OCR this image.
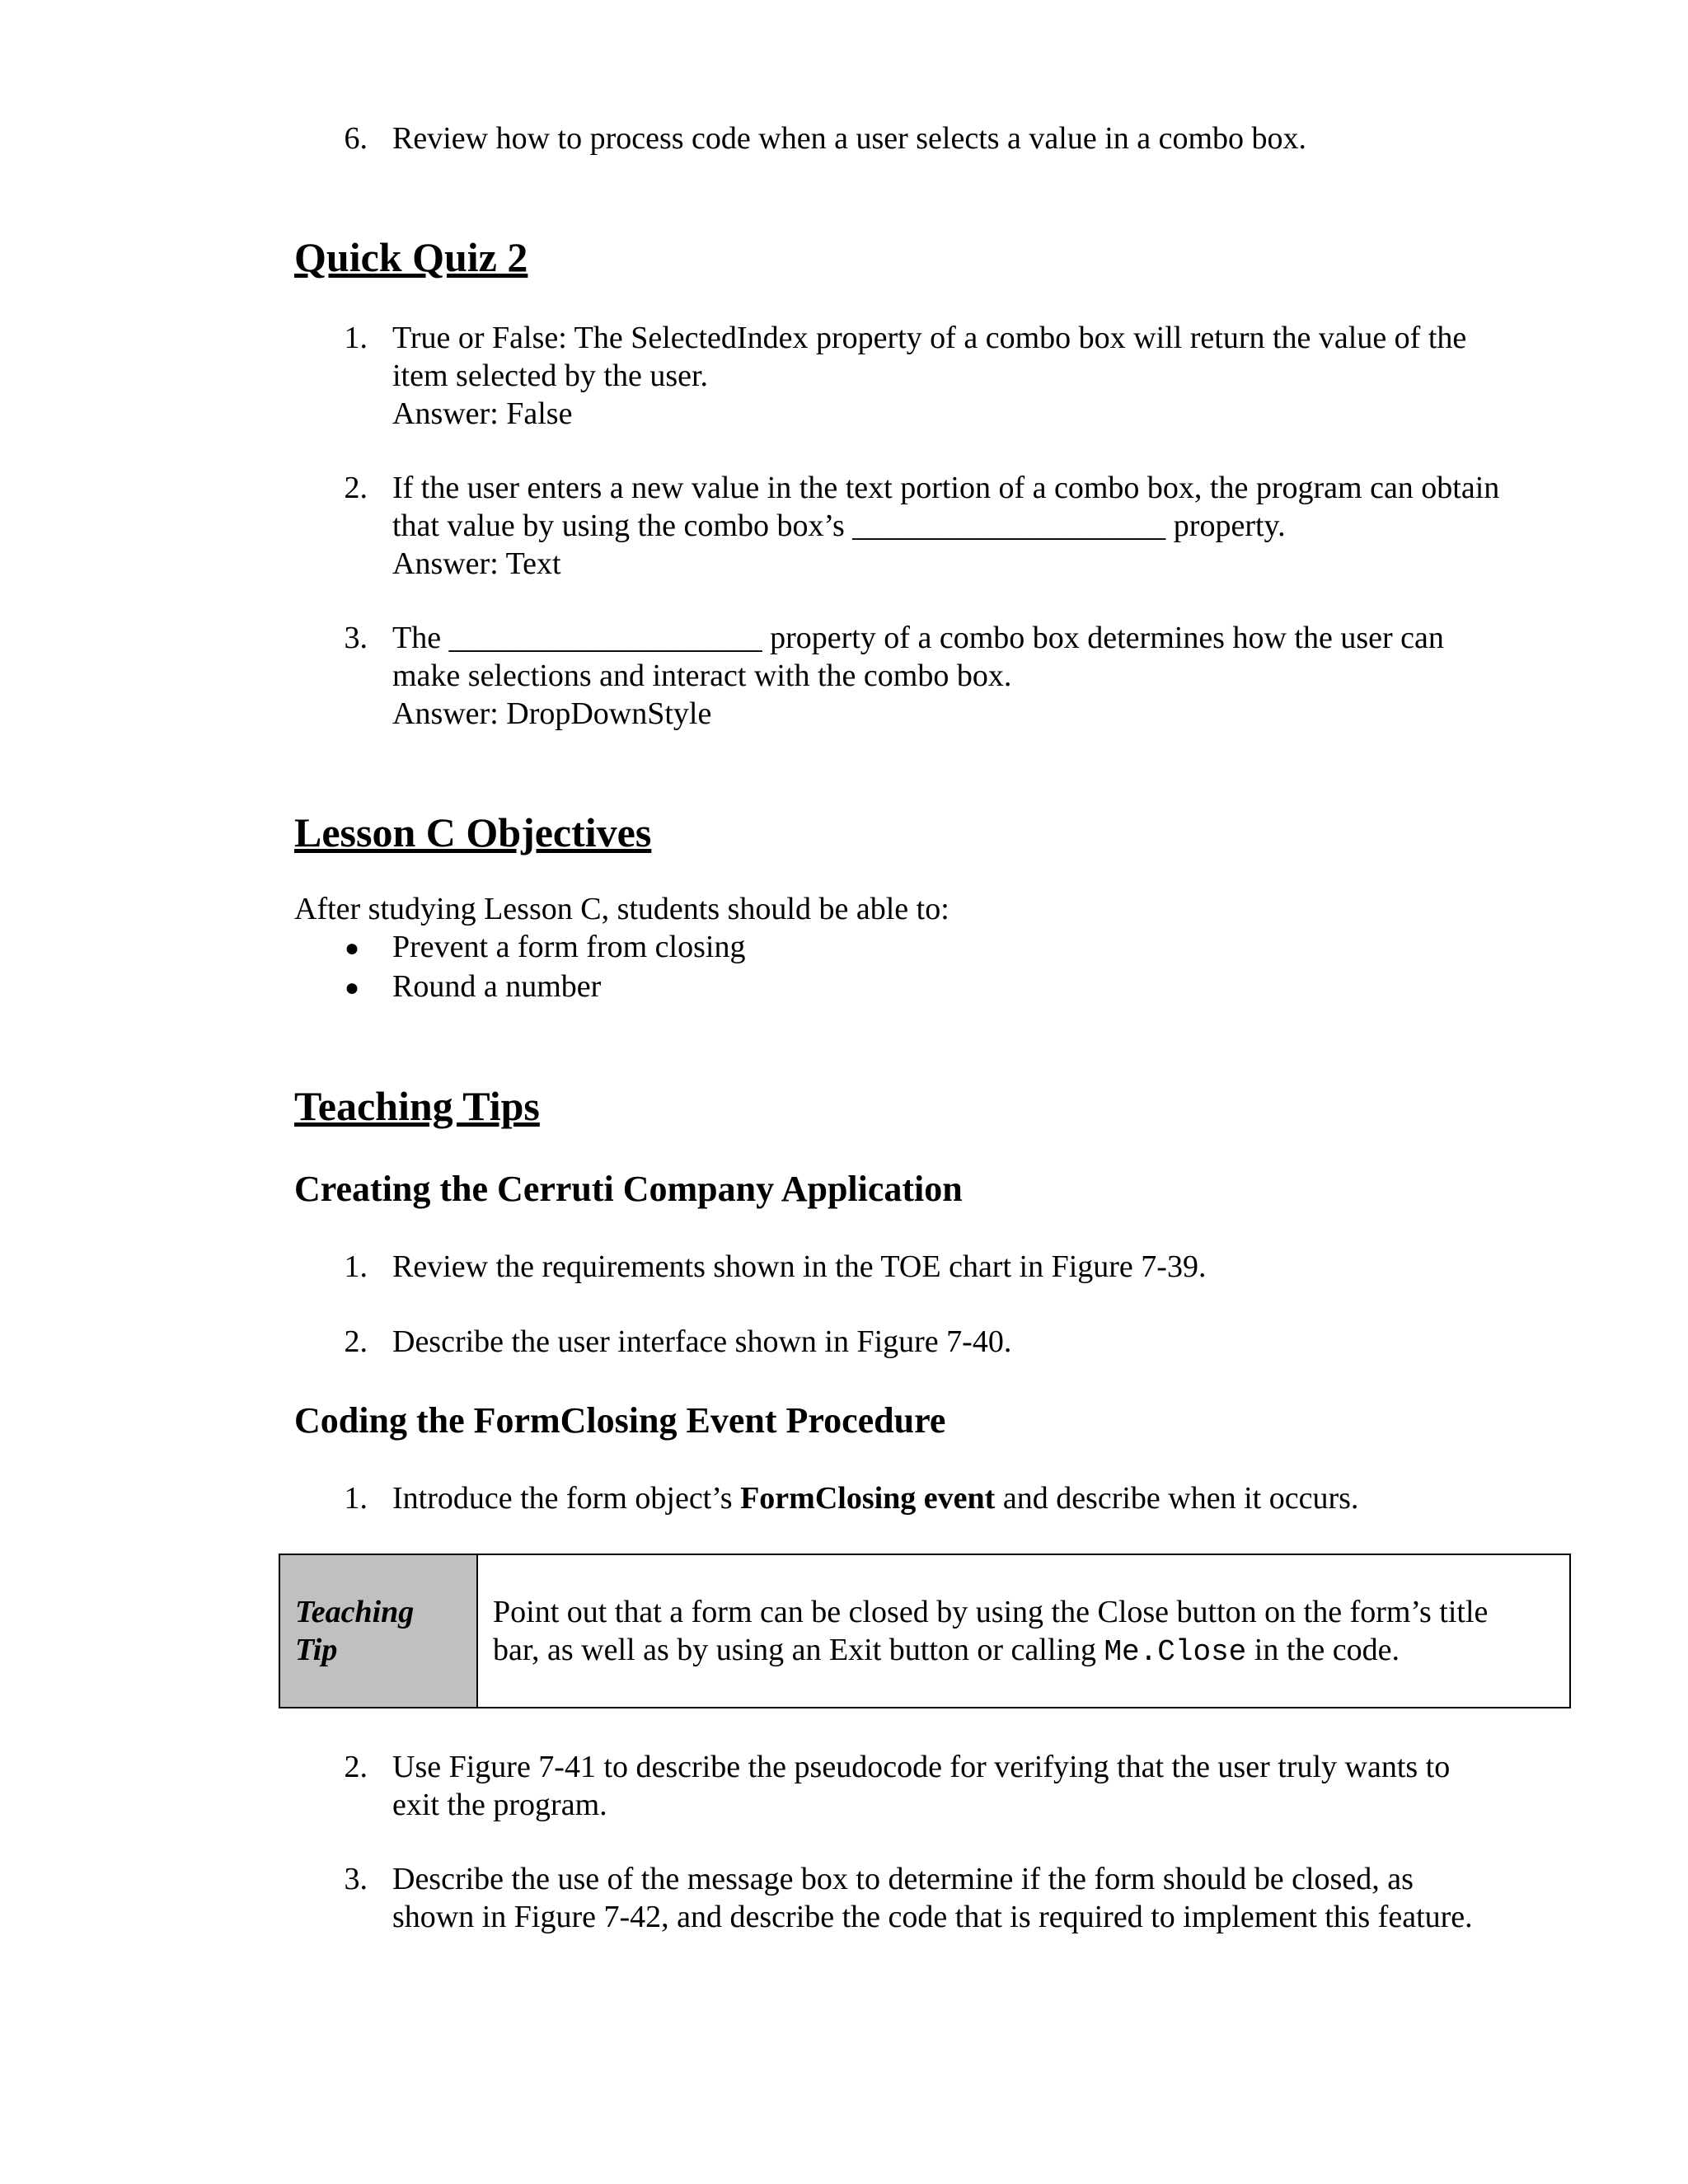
6. Review how to process code when a user selects a value in a combo box.
Quick Quiz 2
1. True or False: The SelectedIndex property of a combo box will return the value of the
item selected by the user.
Answer: False
2. If the user enters a new value in the text portion of a combo box, the program can obtain
that value by using the combo box’s ____________________ property.
Answer: Text
3. The ____________________ property of a combo box determines how the user can
make selections and interact with the combo box.
Answer: DropDownStyle
Lesson C Objectives
After studying Lesson C, students should be able to:
● Prevent a form from closing
● Round a number
Teaching Tips
Creating the Cerruti Company Application
1. Review the requirements shown in the TOE chart in Figure 7-39.
2. Describe the user interface shown in Figure 7-40.
Coding the FormClosing Event Procedure
1. Introduce the form object’s FormClosing event and describe when it occurs.
Teaching
Tip
Point out that a form can be closed by using the Close button on the form’s title
bar, as well as by using an Exit button or calling Me.Close in the code.
2. Use Figure 7-41 to describe the pseudocode for verifying that the user truly wants to
exit the program.
3. Describe the use of the message box to determine if the form should be closed, as
shown in Figure 7-42, and describe the code that is required to implement this feature.
